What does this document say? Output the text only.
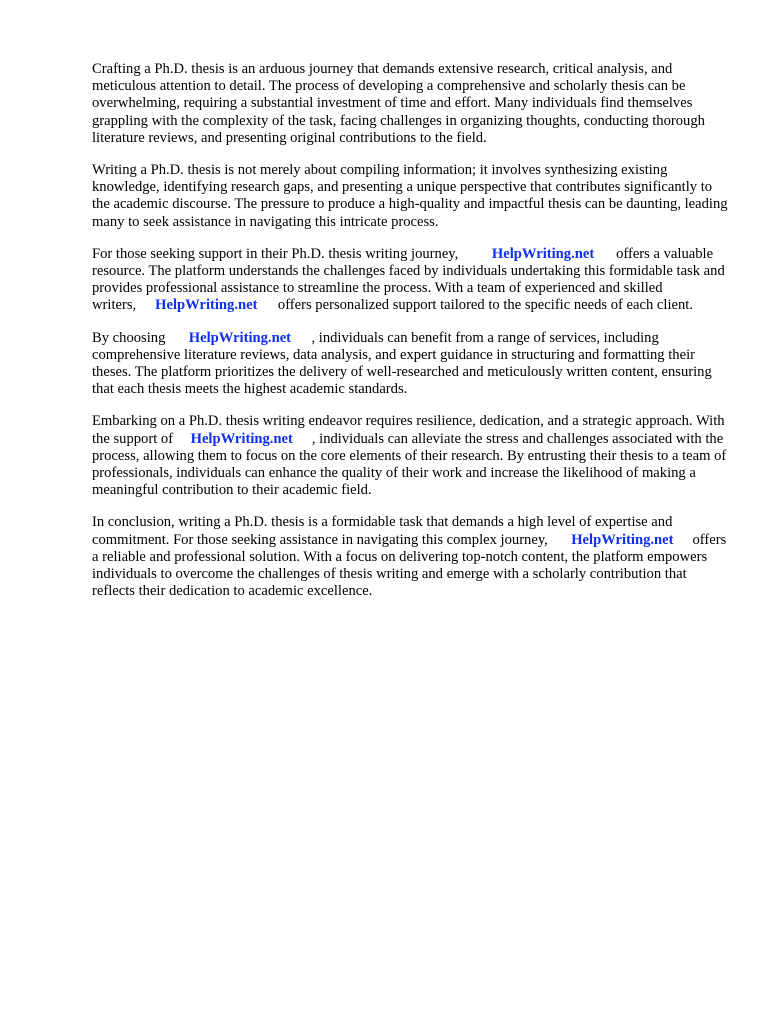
Crafting a Ph.D. thesis is an arduous journey that demands extensive research, critical analysis, and meticulous attention to detail. The process of developing a comprehensive and scholarly thesis can be overwhelming, requiring a substantial investment of time and effort. Many individuals find themselves grappling with the complexity of the task, facing challenges in organizing thoughts, conducting thorough literature reviews, and presenting original contributions to the field.

Writing a Ph.D. thesis is not merely about compiling information; it involves synthesizing existing knowledge, identifying research gaps, and presenting a unique perspective that contributes significantly to the academic discourse. The pressure to produce a high-quality and impactful thesis can be daunting, leading many to seek assistance in navigating this intricate process.

For those seeking support in their Ph.D. thesis writing journey, HelpWriting.net offers a valuable resource. The platform understands the challenges faced by individuals undertaking this formidable task and provides professional assistance to streamline the process. With a team of experienced and skilled writers, HelpWriting.net offers personalized support tailored to the specific needs of each client.

By choosing HelpWriting.net , individuals can benefit from a range of services, including comprehensive literature reviews, data analysis, and expert guidance in structuring and formatting their theses. The platform prioritizes the delivery of well-researched and meticulously written content, ensuring that each thesis meets the highest academic standards.

Embarking on a Ph.D. thesis writing endeavor requires resilience, dedication, and a strategic approach. With the support of HelpWriting.net , individuals can alleviate the stress and challenges associated with the process, allowing them to focus on the core elements of their research. By entrusting their thesis to a team of professionals, individuals can enhance the quality of their work and increase the likelihood of making a meaningful contribution to their academic field.

In conclusion, writing a Ph.D. thesis is a formidable task that demands a high level of expertise and commitment. For those seeking assistance in navigating this complex journey, HelpWriting.net offers a reliable and professional solution. With a focus on delivering top-notch content, the platform empowers individuals to overcome the challenges of thesis writing and emerge with a scholarly contribution that reflects their dedication to academic excellence.
